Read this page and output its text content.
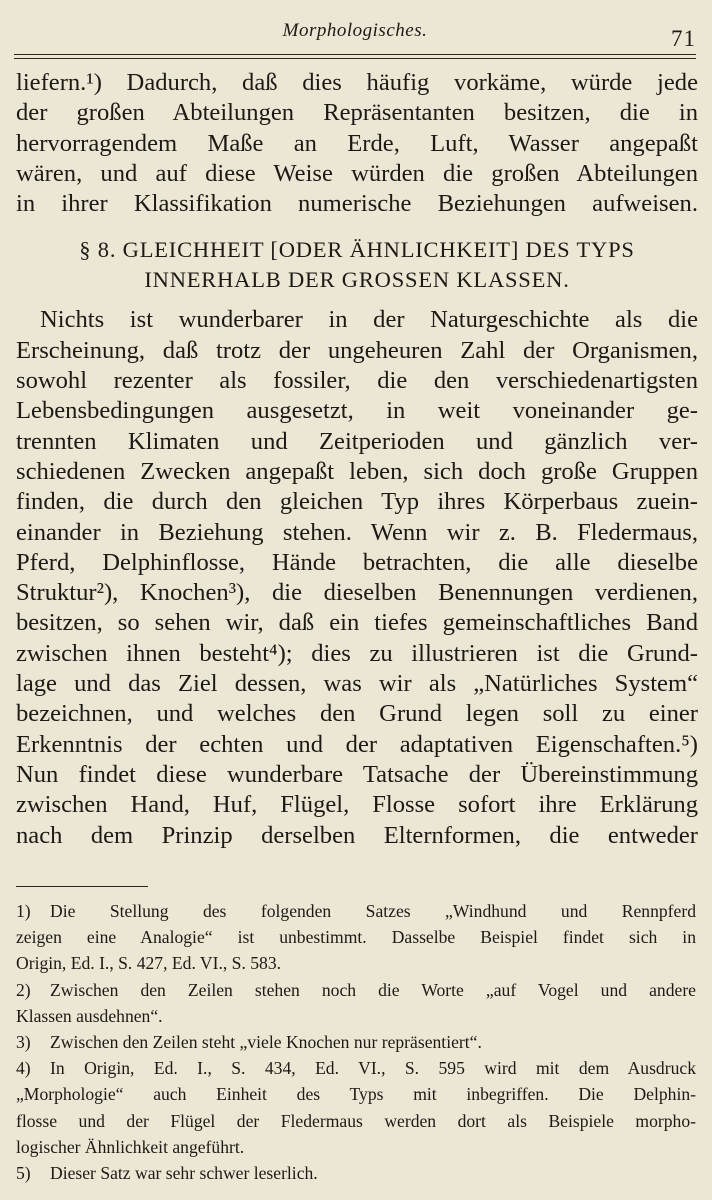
Morphologisches.	71

liefern.¹) Dadurch, daß dies häufig vorkäme, würde jede

der großen Abteilungen Repräsentanten besitzen, die in

hervorragendem Maße an Erde, Luft, Wasser angepaßt

wären, und auf diese Weise würden die großen Abteilungen

in ihrer Klassifikation numerische Beziehungen aufweisen.

§ 8. GLEICHHEIT [ODER ÄHNLICHKEIT] DES TYPS
INNERHALB DER GROSSEN KLASSEN.

Nichts ist wunderbarer in der Naturgeschichte als die

Erscheinung, daß trotz der ungeheuren Zahl der Organismen,

sowohl rezenter als fossiler, die den verschiedenartigsten

Lebensbedingungen ausgesetzt, in weit voneinander ge-

trennten Klimaten und Zeitperioden und gänzlich ver-

schiedenen Zwecken angepaßt leben, sich doch große Gruppen

finden, die durch den gleichen Typ ihres Körperbaus zuein-

einander in Beziehung stehen. Wenn wir z. B. Fledermaus,

Pferd, Delphinflosse, Hände betrachten, die alle dieselbe

Struktur²), Knochen³), die dieselben Benennungen verdienen,

besitzen, so sehen wir, daß ein tiefes gemeinschaftliches Band

zwischen ihnen besteht⁴); dies zu illustrieren ist die Grund-

lage und das Ziel dessen, was wir als „Natürliches System“

bezeichnen, und welches den Grund legen soll zu einer

Erkenntnis der echten und der adaptativen Eigenschaften.⁵)

Nun findet diese wunderbare Tatsache der Übereinstimmung

zwischen Hand, Huf, Flügel, Flosse sofort ihre Erklärung

nach dem Prinzip derselben Elternformen, die entweder

1) Die Stellung des folgenden Satzes „Windhund und Rennpferd
zeigen eine Analogie“ ist unbestimmt. Dasselbe Beispiel findet sich in
Origin, Ed. I., S. 427, Ed. VI., S. 583.
2) Zwischen den Zeilen stehen noch die Worte „auf Vogel und andere
Klassen ausdehnen“.
3) Zwischen den Zeilen steht „viele Knochen nur repräsentiert“.
4) In Origin, Ed. I., S. 434, Ed. VI., S. 595 wird mit dem Ausdruck
„Morphologie“ auch Einheit des Typs mit inbegriffen. Die Delphin-
flosse und der Flügel der Fledermaus werden dort als Beispiele morpho-
logischer Ähnlichkeit angeführt.
5) Dieser Satz war sehr schwer leserlich.
